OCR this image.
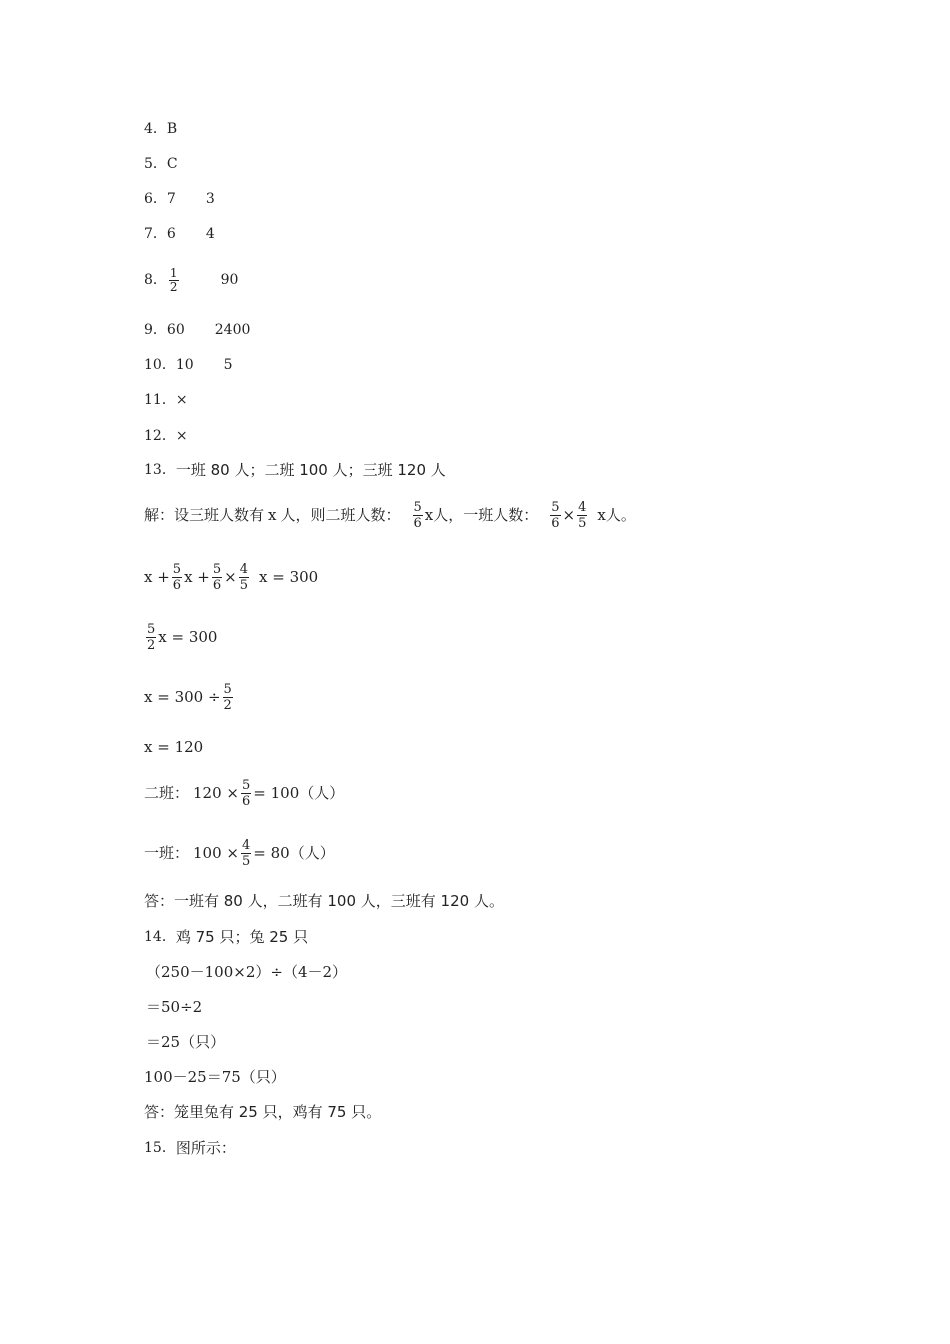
4． B
5． C
6． 7 3
7． 6 4
8． $\frac{1}{2}$	90
9． 60 2400
10． 10 5
11． ×
12． ×
13． 一班 80 人；二班 100 人；三班 120 人
解：设三班人数有 x 人，则二班人数： $\frac{5}{6}$ x 人，一班人数： $\frac{5}{6} \times \frac{4}{5}$ x 人。
$x + \frac{5}{6}$ $x + \frac{5}{6} \times \frac{4}{5}$ x = 300
$\frac{5}{2}$ x = 300
$x = 300 \div \frac{5}{2}$
x = 120
二班： $120 \times \frac{5}{6} = 100$（人）
一班： $100 \times \frac{4}{5} = 80$（人）
答：一班有 80 人，二班有 100 人，三班有 120 人。
14． 鸡 75 只；兔 25 只
（250－100×2）÷（4－2）
＝50÷2
＝25（只）
100－25＝75（只）
答：笼里兔有 25 只，鸡有 75 只。
15． 图所示：
